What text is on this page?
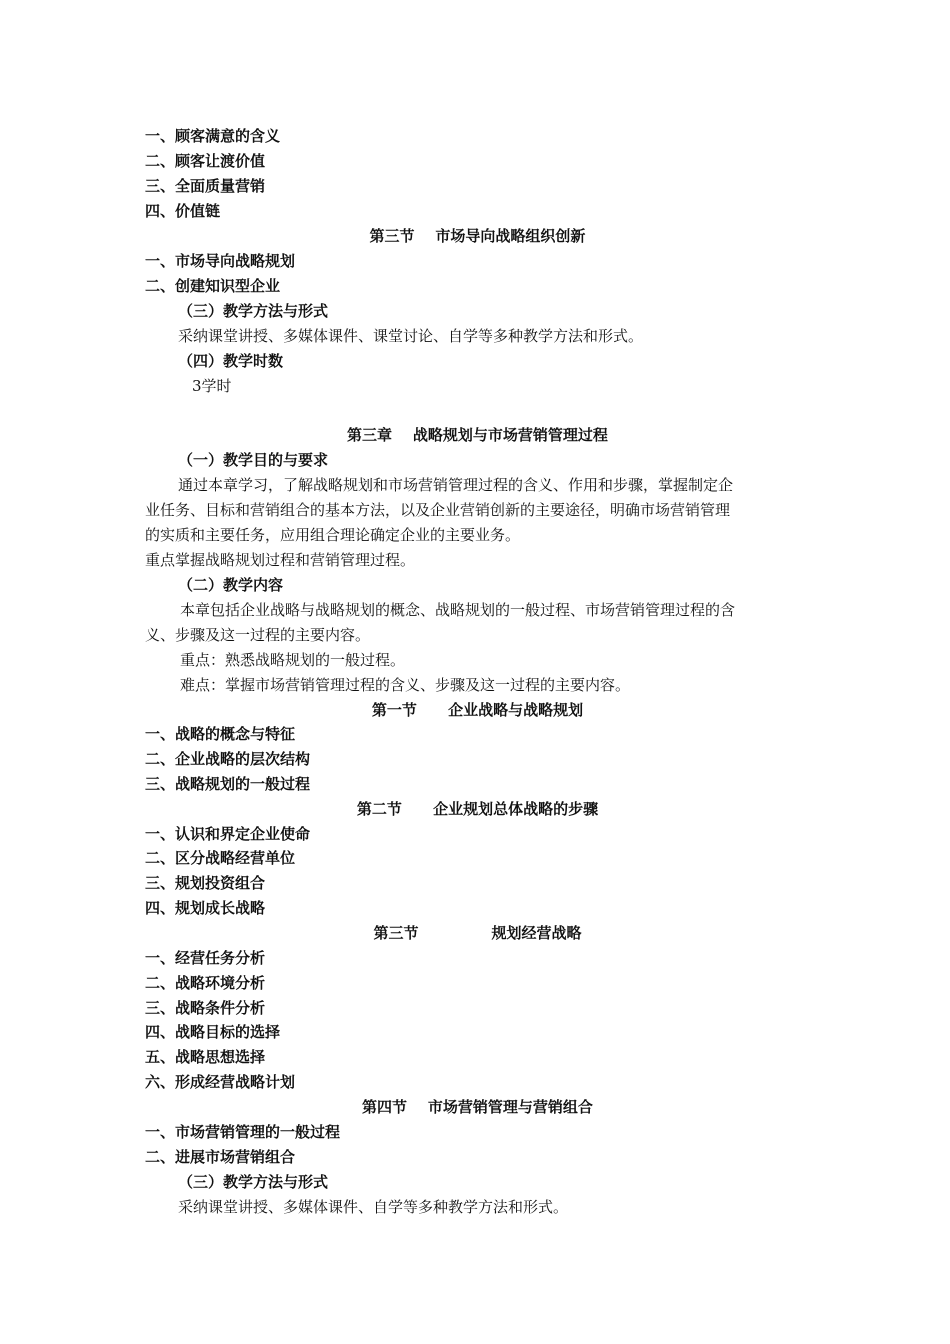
一、顾客满意的含义
二、顾客让渡价值
三、全面质量营销
四、价值链
第三节    市场导向战略组织创新
一、市场导向战略规划
二、创建知识型企业
（三）教学方法与形式
采纳课堂讲授、多媒体课件、课堂讨论、自学等多种教学方法和形式。
（四）教学时数
3学时
第三章    战略规划与市场营销管理过程
（一）教学目的与要求
通过本章学习，了解战略规划和市场营销管理过程的含义、作用和步骤，掌握制定企
业任务、目标和营销组合的基本方法，以及企业营销创新的主要途径，明确市场营销管理
的实质和主要任务，应用组合理论确定企业的主要业务。
重点掌握战略规划过程和营销管理过程。
（二）教学内容
本章包括企业战略与战略规划的概念、战略规划的一般过程、市场营销管理过程的含
义、步骤及这一过程的主要内容。
重点：熟悉战略规划的一般过程。
难点：掌握市场营销管理过程的含义、步骤及这一过程的主要内容。
第一节      企业战略与战略规划
一、战略的概念与特征
二、企业战略的层次结构
三、战略规划的一般过程
第二节      企业规划总体战略的步骤
一、认识和界定企业使命
二、区分战略经营单位
三、规划投资组合
四、规划成长战略
第三节              规划经营战略
一、经营任务分析
二、战略环境分析
三、战略条件分析
四、战略目标的选择
五、战略思想选择
六、形成经营战略计划
第四节    市场营销管理与营销组合
一、市场营销管理的一般过程
二、进展市场营销组合
（三）教学方法与形式
采纳课堂讲授、多媒体课件、自学等多种教学方法和形式。
